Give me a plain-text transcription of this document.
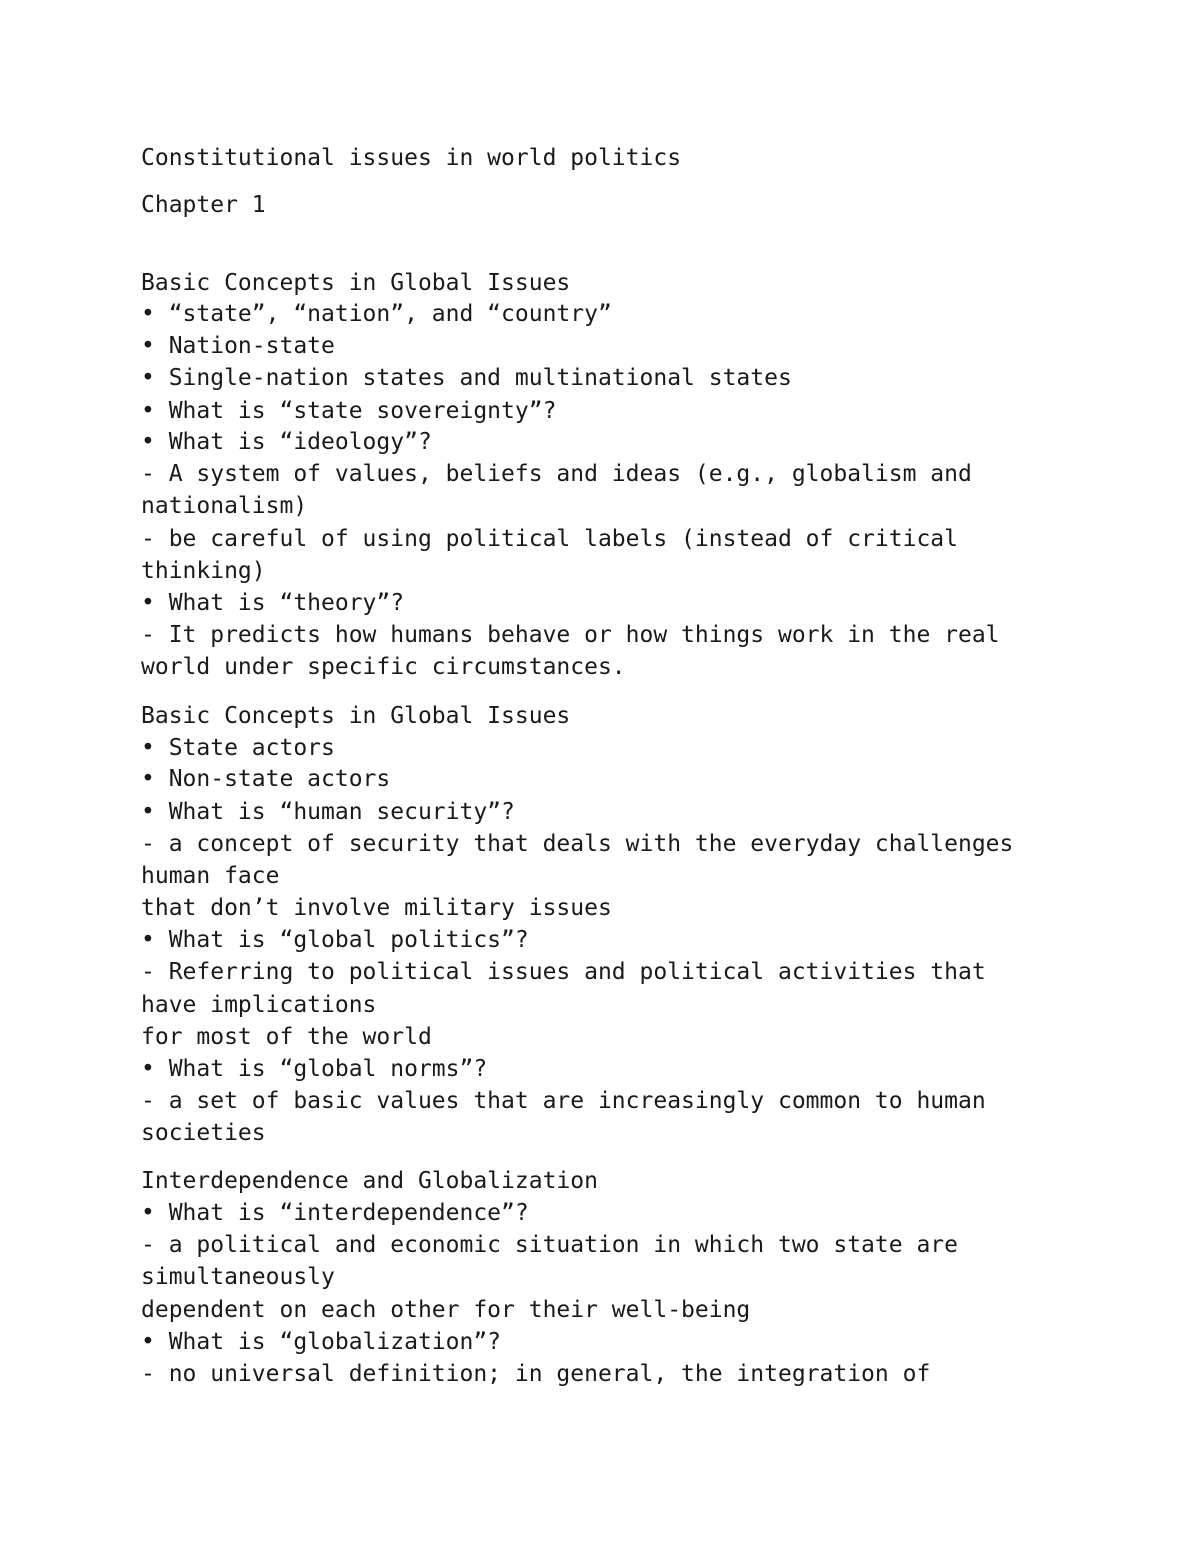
Constitutional issues in world politics
Chapter 1
Basic Concepts in Global Issues
• “state”, “nation”, and “country”
• Nation-state
• Single-nation states and multinational states
• What is “state sovereignty”?
• What is “ideology”?
- A system of values, beliefs and ideas (e.g., globalism and
nationalism)
- be careful of using political labels (instead of critical
thinking)
• What is “theory”?
- It predicts how humans behave or how things work in the real
world under specific circumstances.
Basic Concepts in Global Issues
• State actors
• Non-state actors
• What is “human security”?
- a concept of security that deals with the everyday challenges
human face
that don’t involve military issues
• What is “global politics”?
- Referring to political issues and political activities that
have implications
for most of the world
• What is “global norms”?
- a set of basic values that are increasingly common to human
societies
Interdependence and Globalization
• What is “interdependence”?
- a political and economic situation in which two state are
simultaneously
dependent on each other for their well-being
• What is “globalization”?
- no universal definition; in general, the integration of
